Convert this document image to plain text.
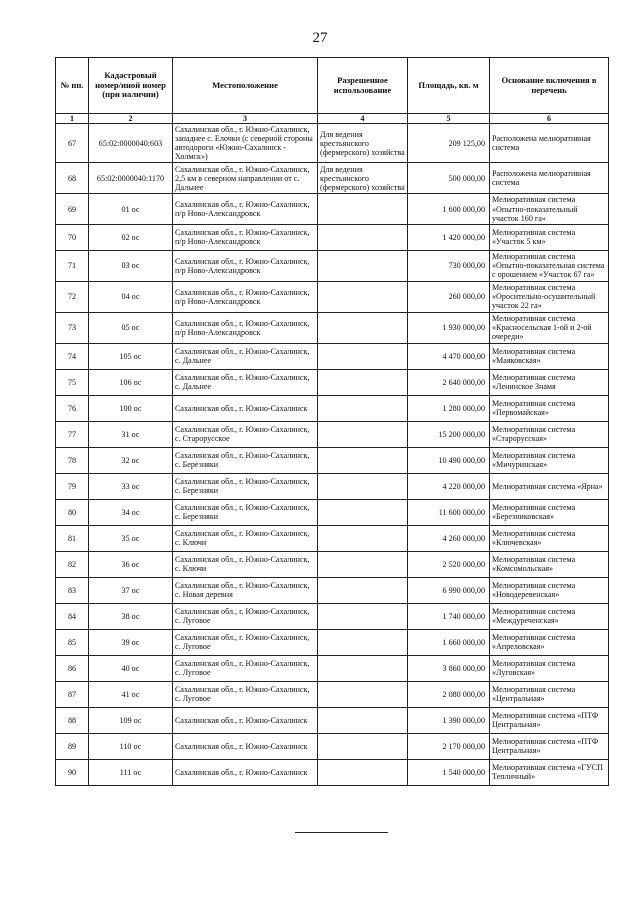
27
№ пп.	Кадастровый номер/иной номер (при наличии)	Местоположение	Разрешенное использование	Площадь, кв. м	Основание включения в перечень
1	2	3	4	5	6
67	65:02:0000040:603	Сахалинская обл., г. Южно-Сахалинск, западнее с. Елочки (с северной стороны автодороги «Южно-Сахалинск - Холмск»)	Для ведения крестьянского (фермерского) хозяйства	209 125,00	Расположена мелиоративная система
68	65:02:0000040:1170	Сахалинская обл., г. Южно-Сахалинск, 2,5 км в северном направлении от с. Дальнее	Для ведения крестьянского (фермерского) хозяйства	500 000,00	Расположена мелиоративная система
69	01 ос	Сахалинская обл., г. Южно-Сахалинск, п/р Ново-Александровск		1 600 000,00	Мелиоративная система «Опытно-показательный участок 160 га»
70	02 ос	Сахалинская обл., г. Южно-Сахалинск, п/р Ново-Александровск		1 420 000,00	Мелиоративная система «Участок 5 км»
71	03 ос	Сахалинская обл., г. Южно-Сахалинск, п/р Ново-Александровск		730 000,00	Мелиоративная система «Опытно-показательная система с орошением «Участок 67 га»
72	04 ос	Сахалинская обл., г. Южно-Сахалинск, п/р Ново-Александровск		260 000,00	Мелиоративная система «Оросительно-осушительный участок 22 га»
73	05 ос	Сахалинская обл., г. Южно-Сахалинск, п/р Ново-Александровск		1 930 000,00	Мелиоративная система «Красносельская 1-ой и 2-ой очереди»
74	105 ос	Сахалинская обл., г. Южно-Сахалинск, с. Дальнее		4 470 000,00	Мелиоративная система «Маяковская»
75	106 ос	Сахалинская обл., г. Южно-Сахалинск, с. Дальнее		2 640 000,00	Мелиоративная система «Ленинское Знамя
76	100 ос	Сахалинская обл., г. Южно-Сахалинск		1 280 000,00	Мелиоративная система «Первомайская»
77	31 ос	Сахалинская обл., г. Южно-Сахалинск, с. Старорусское		15 200 000,00	Мелиоративная система «Старорусская»
78	32 ос	Сахалинская обл., г. Южно-Сахалинск, с. Березняки		10 490 000,00	Мелиоративная система «Мичуринская»
79	33 ос	Сахалинская обл., г. Южно-Сахалинск, с. Березняки		4 220 000,00	Мелиоративная система «Ярна»
80	34 ос	Сахалинская обл., г. Южно-Сахалинск, с. Березняки		11 600 000,00	Мелиоративная система «Березниковская»
81	35 ос	Сахалинская обл., г. Южно-Сахалинск, с. Ключи		4 260 000,00	Мелиоративная система «Ключевская»
82	36 ос	Сахалинская обл., г. Южно-Сахалинск, с. Ключи		2 520 000,00	Мелиоративная система «Комсомольская»
83	37 ос	Сахалинская обл., г. Южно-Сахалинск, с. Новая деревня		6 990 000,00	Мелиоративная система «Новодеревенская»
84	38 ос	Сахалинская обл., г. Южно-Сахалинск, с. Луговое		1 740 000,00	Мелиоративная система «Междуреченская»
85	39 ос	Сахалинская обл., г. Южно-Сахалинск, с. Луговое		1 660 000,00	Мелиоративная система «Апреловская»
86	40 ос	Сахалинская обл., г. Южно-Сахалинск, с. Луговое		3 860 000,00	Мелиоративная система «Луговская»
87	41 ос	Сахалинская обл., г. Южно-Сахалинск, с. Луговое		2 080 000,00	Мелиоративная система «Центральная»
88	109 ос	Сахалинская обл., г. Южно-Сахалинск		1 390 000,00	Мелиоративная система «ПТФ Центральная»
89	110 ос	Сахалинская обл., г. Южно-Сахалинск		2 170 000,00	Мелиоративная система «ПТФ Центральная»
90	111 ос	Сахалинская обл., г. Южно-Сахалинск		1 540 000,00	Мелиоративная система «ГУСП Тепличный»
